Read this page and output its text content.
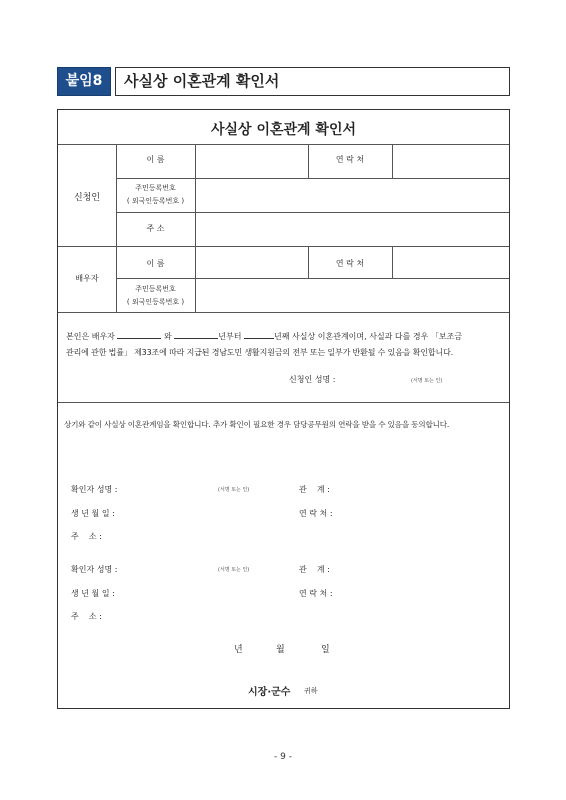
붙임8	사실상 이혼관계 확인서
사실상 이혼관계 확인서
신청인
이 름	연 락 처
주민등록번호
( 외국인등록번호 )
주 소
배우자
이 름	연 락 처
주민등록번호
( 외국인등록번호 )
본인은 배우자	와	년부터	년째 사실상 이혼관계이며, 사실과 다를 경우 「보조금
관리에 관한 법률」 제33조에 따라 지급된 경남도민 생활지원금의 전부 또는 일부가 반환될 수 있음을 확인합니다.
신청인 성명 :	(서명 또는 인)
상기와 같이 사실상 이혼관계임을 확인합니다. 추가 확인이 필요한 경우 담당공무원의 연락을 받을 수 있음을 동의합니다.
확인자 성명 :	(서명 또는 인)	관    계 :
생 년 월 일 :	연 락 처 :
주    소 :
확인자 성명 :	(서명 또는 인)	관    계 :
생 년 월 일 :	연 락 처 :
주    소 :
년	월	일
시장·군수 귀하
- 9 -
